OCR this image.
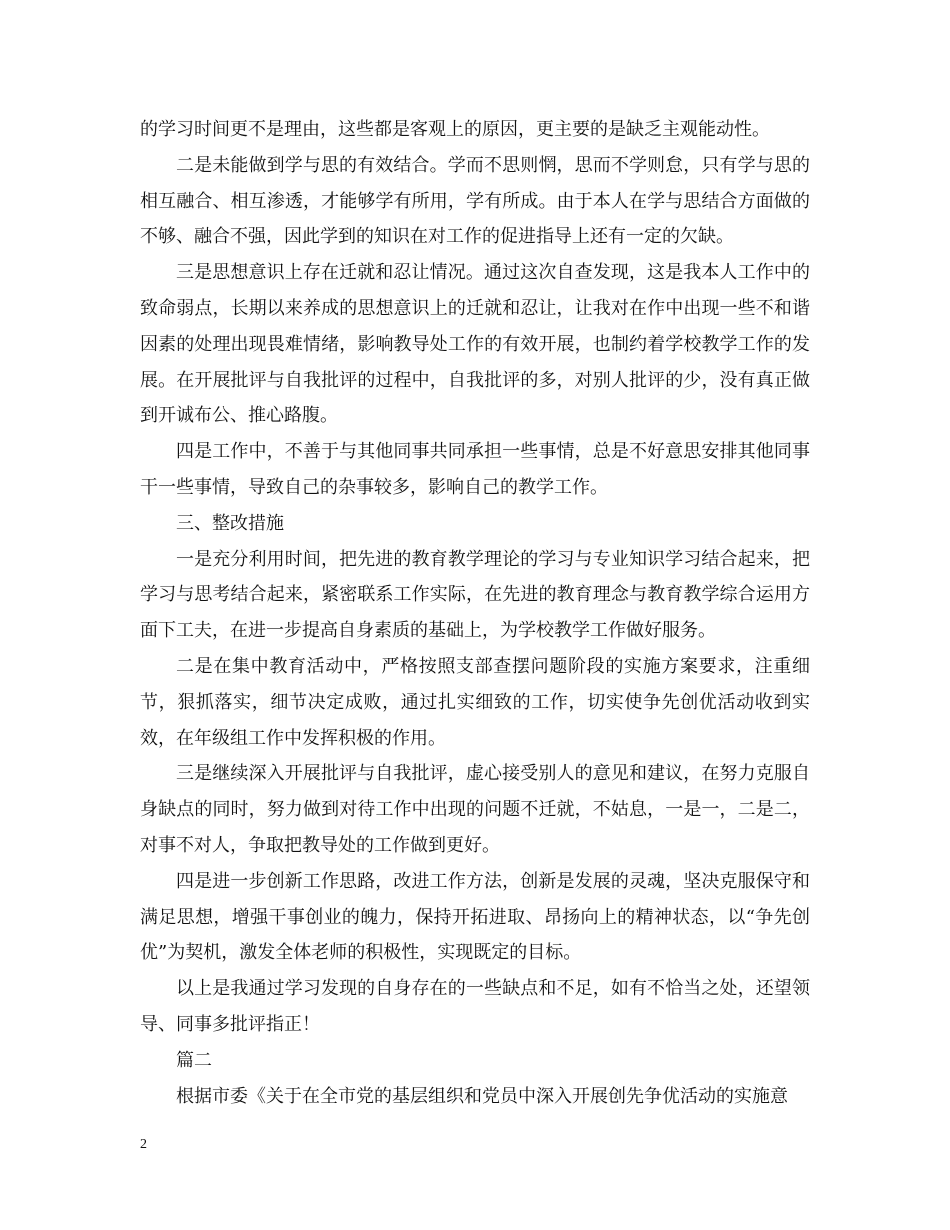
的学习时间更不是理由，这些都是客观上的原因，更主要的是缺乏主观能动性。

二是未能做到学与思的有效结合。学而不思则惘，思而不学则怠，只有学与思的相互融合、相互渗透，才能够学有所用，学有所成。由于本人在学与思结合方面做的不够、融合不强，因此学到的知识在对工作的促进指导上还有一定的欠缺。

三是思想意识上存在迁就和忍让情况。通过这次自查发现，这是我本人工作中的致命弱点，长期以来养成的思想意识上的迁就和忍让，让我对在作中出现一些不和谐因素的处理出现畏难情绪，影响教导处工作的有效开展，也制约着学校教学工作的发展。在开展批评与自我批评的过程中，自我批评的多，对别人批评的少，没有真正做到开诚布公、推心路腹。

四是工作中，不善于与其他同事共同承担一些事情，总是不好意思安排其他同事干一些事情，导致自己的杂事较多，影响自己的教学工作。

三、整改措施

一是充分利用时间，把先进的教育教学理论的学习与专业知识学习结合起来，把学习与思考结合起来，紧密联系工作实际，在先进的教育理念与教育教学综合运用方面下工夫，在进一步提高自身素质的基础上，为学校教学工作做好服务。

二是在集中教育活动中，严格按照支部查摆问题阶段的实施方案要求，注重细节，狠抓落实，细节决定成败，通过扎实细致的工作，切实使争先创优活动收到实效，在年级组工作中发挥积极的作用。

三是继续深入开展批评与自我批评，虚心接受别人的意见和建议，在努力克服自身缺点的同时，努力做到对待工作中出现的问题不迁就，不姑息，一是一，二是二，对事不对人，争取把教导处的工作做到更好。

四是进一步创新工作思路，改进工作方法，创新是发展的灵魂，坚决克服保守和满足思想，增强干事创业的魄力，保持开拓进取、昂扬向上的精神状态，以“争先创优”为契机，激发全体老师的积极性，实现既定的目标。

以上是我通过学习发现的自身存在的一些缺点和不足，如有不恰当之处，还望领导、同事多批评指正！

篇二

根据市委《关于在全市党的基层组织和党员中深入开展创先争优活动的实施意

2
